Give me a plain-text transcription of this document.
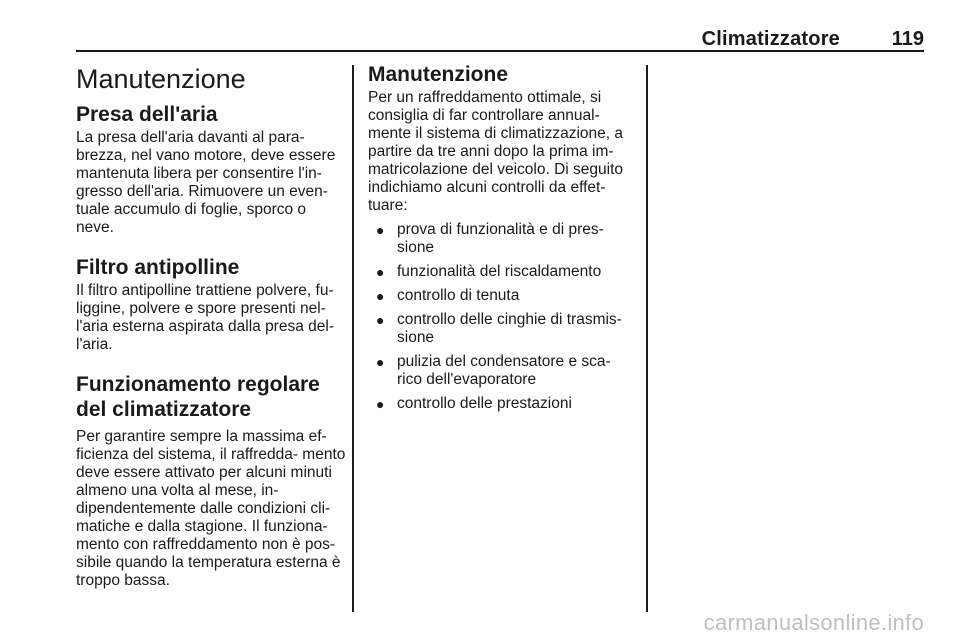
Climatizzatore	119
Manutenzione
Presa dell'aria

La presa dell'aria davanti al para- brezza, nel vano motore, deve essere mantenuta libera per consentire l'in- gresso dell'aria. Rimuovere un even- tuale accumulo di foglie, sporco o neve.

Filtro antipolline

Il filtro antipolline trattiene polvere, fu- liggine, polvere e spore presenti nel- l'aria esterna aspirata dalla presa del- l'aria.

Funzionamento regolare del climatizzatore

Per garantire sempre la massima ef- ficienza del sistema, il raffredda- mento deve essere attivato per alcuni minuti almeno una volta al mese, in- dipendentemente dalle condizioni cli- matiche e dalla stagione. Il funziona- mento con raffreddamento non è pos- sibile quando la temperatura esterna è troppo bassa.

Manutenzione

Per un raffreddamento ottimale, si consiglia di far controllare annual- mente il sistema di climatizzazione, a partire da tre anni dopo la prima im- matricolazione del veicolo. Di seguito indichiamo alcuni controlli da effet- tuare:

● prova di funzionalità e di pres- sione
● funzionalità del riscaldamento
● controllo di tenuta
● controllo delle cinghie di trasmis- sione
● pulizia del condensatore e sca- rico dell'evaporatore
● controllo delle prestazioni
carmanualsonline.info
